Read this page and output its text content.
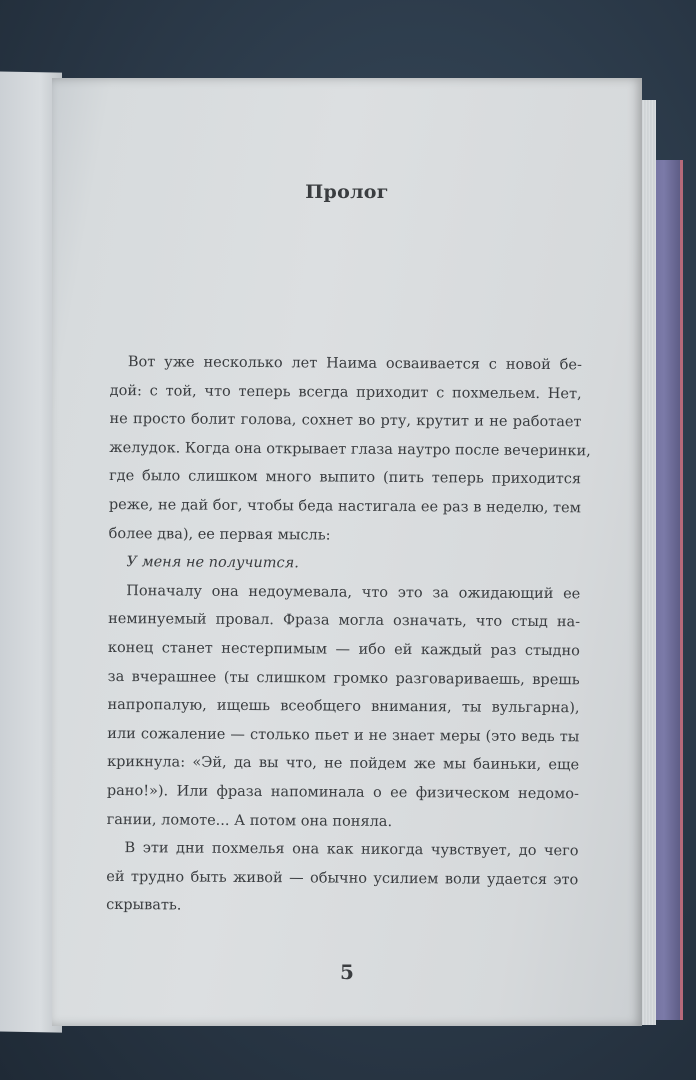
Пролог
Вот уже несколько лет Наима осваивается с новой бе-
дой: с той, что теперь всегда приходит с похмельем. Нет,
не просто болит голова, сохнет во рту, крутит и не работает
желудок. Когда она открывает глаза наутро после вечеринки,
где было слишком много выпито (пить теперь приходится
реже, не дай бог, чтобы беда настигала ее раз в неделю, тем
более два), ее первая мысль:
У меня не получится.
Поначалу она недоумевала, что это за ожидающий ее
неминуемый провал. Фраза могла означать, что стыд на-
конец станет нестерпимым — ибо ей каждый раз стыдно
за вчерашнее (ты слишком громко разговариваешь, врешь
напропалую, ищешь всеобщего внимания, ты вульгарна),
или сожаление — столько пьет и не знает меры (это ведь ты
крикнула: «Эй, да вы что, не пойдем же мы баиньки, еще
рано!»). Или фраза напоминала о ее физическом недомо-
гании, ломоте... А потом она поняла.
В эти дни похмелья она как никогда чувствует, до чего
ей трудно быть живой — обычно усилием воли удается это
скрывать.
5
